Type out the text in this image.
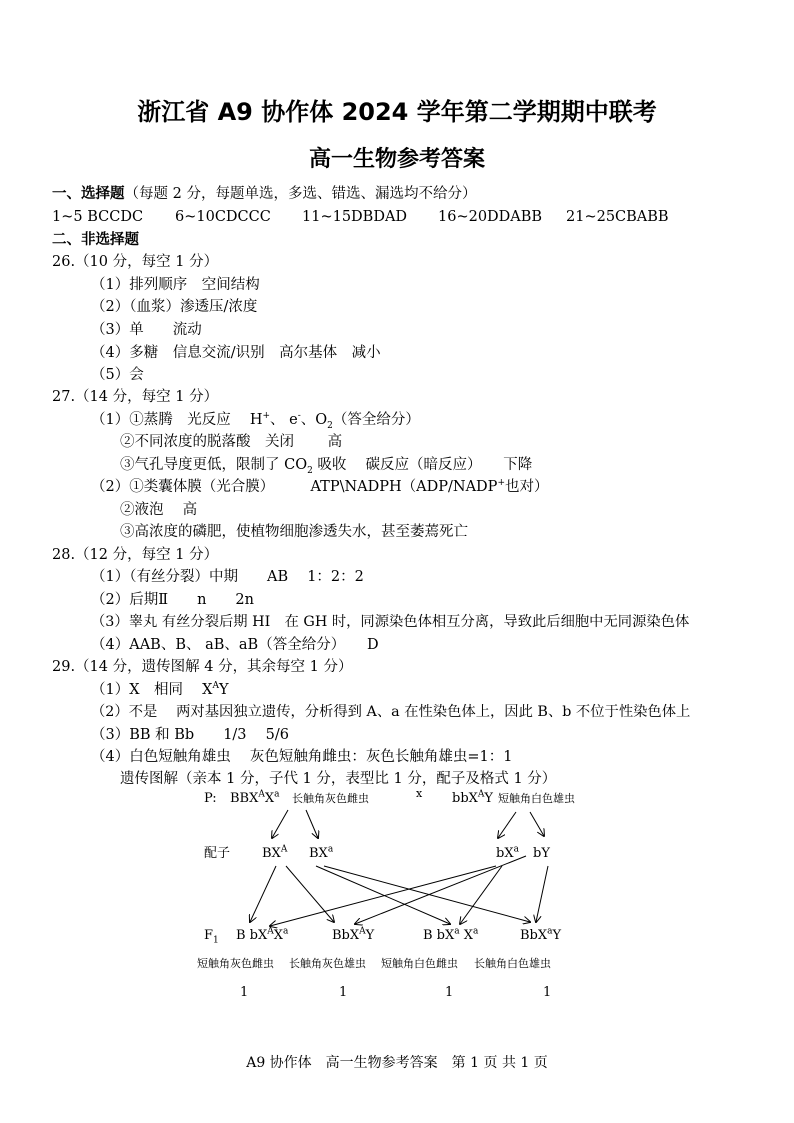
浙江省 A9 协作体 2024 学年第二学期期中联考
高一生物参考答案
一、选择题（每题 2 分，每题单选，多选、错选、漏选均不给分）
1~5 BCCDC 6~10CDCCC 11~15DBDAD 16~20DDABB 21~25CBABB
二、非选择题
26.（10 分，每空 1 分）
（1）排列顺序　空间结构
（2）（血浆）渗透压/浓度
（3）单　　流动
（4）多糖　信息交流/识别　高尔基体　减小
（5）会
27.（14 分，每空 1 分）
（1）①蒸腾　光反应　 H+、 e-、$O_2$（答全给分）
②不同浓度的脱落酸　关闭　　 高
③气孔导度更低，限制了 $CO_2$ 吸收　 碳反应（暗反应）　　下降
（2）①类囊体膜（光合膜）　　　ATP\NADPH（ADP/NADP+也对）
②液泡　 高
③高浓度的磷肥，使植物细胞渗透失水，甚至萎蔫死亡
28.（12 分，每空 1 分）
（1）（有丝分裂）中期　　AB　 1：2：2
（2）后期Ⅱ　　n　　2n
（3）睾丸 有丝分裂后期 HI　在 GH 时，同源染色体相互分离，导致此后细胞中无同源染色体
（4）AAB、B、 aB、aB（答全给分）　　D
29.（14 分，遗传图解 4 分，其余每空 1 分）
（1）X　相同　 $X^AY$
（2）不是　 两对基因独立遗传，分析得到 A、a 在性染色体上，因此 B、b 不位于性染色体上
（3）BB 和 Bb　　1/3　 5/6
（4）白色短触角雄虫　 灰色短触角雌虫：灰色长触角雄虫=1：1
遗传图解（亲本 1 分，子代 1 分，表型比 1 分，配子及格式 1 分）
P: $BBX^AX^a$ 长触角灰色雌虫	x bbX$^A$Y 短触角白色雄虫
配子 $BX^A$ $BX^a$	$bX^a$ bY
$F_1$ B $bX^AX^a$	BbX$^A$Y	B $bX^a$ $X^a$	BbX$^a$Y
短触角灰色雌虫 长触角灰色雄虫 短触角白色雌虫 长触角白色雄虫
1	1	1	1
A9 协作体　高一生物参考答案　第 1 页 共 1 页
